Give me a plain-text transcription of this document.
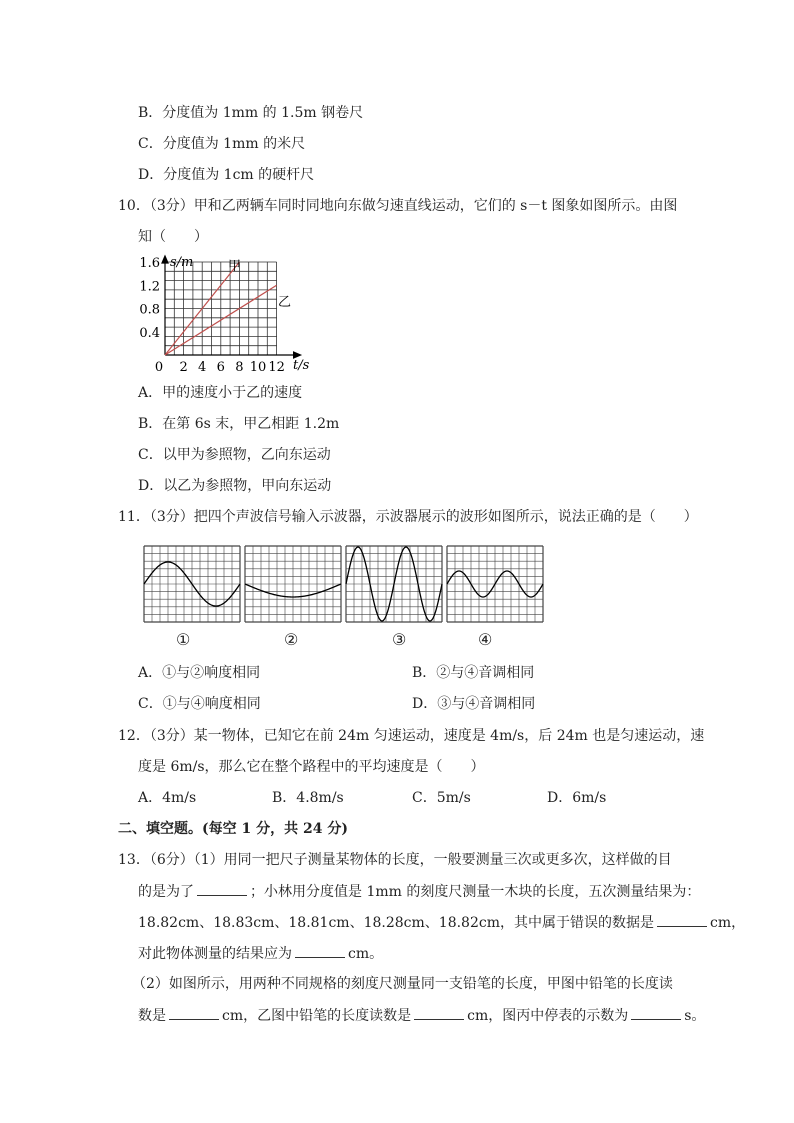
B．分度值为 1mm 的 1.5m 钢卷尺
C．分度值为 1mm 的米尺
D．分度值为 1cm 的硬杆尺
10．（3分）甲和乙两辆车同时同地向东做匀速直线运动，它们的 s－t 图象如图所示。由图
知（　　）
s/m
t/s
1.6
1.2
0.8
0.4
0 2 4 6 8 10 12
甲
乙
A．甲的速度小于乙的速度
B．在第 6s 末，甲乙相距 1.2m
C．以甲为参照物，乙向东运动
D．以乙为参照物，甲向东运动
11．（3分）把四个声波信号输入示波器，示波器展示的波形如图所示，说法正确的是（　　）
①	②	③	④
A．①与②响度相同	B．②与④音调相同
C．①与④响度相同	D．③与④音调相同
12．（3分）某一物体，已知它在前 24m 匀速运动，速度是 4m/s，后 24m 也是匀速运动，速
度是 6m/s，那么它在整个路程中的平均速度是（　　）
A．4m/s	B．4.8m/s	C．5m/s	D．6m/s
二、填空题。(每空 1 分，共 24 分)
13．（6分）（1）用同一把尺子测量某物体的长度，一般要测量三次或更多次，这样做的目
的是为了	；小林用分度值是 1mm 的刻度尺测量一木块的长度，五次测量结果为：
18.82cm、18.83cm、18.81cm、18.28cm、18.82cm，其中属于错误的数据是	cm，
对此物体测量的结果应为	cm。
（2）如图所示，用两种不同规格的刻度尺测量同一支铅笔的长度，甲图中铅笔的长度读
数是	cm，乙图中铅笔的长度读数是	cm，图丙中停表的示数为	s。
